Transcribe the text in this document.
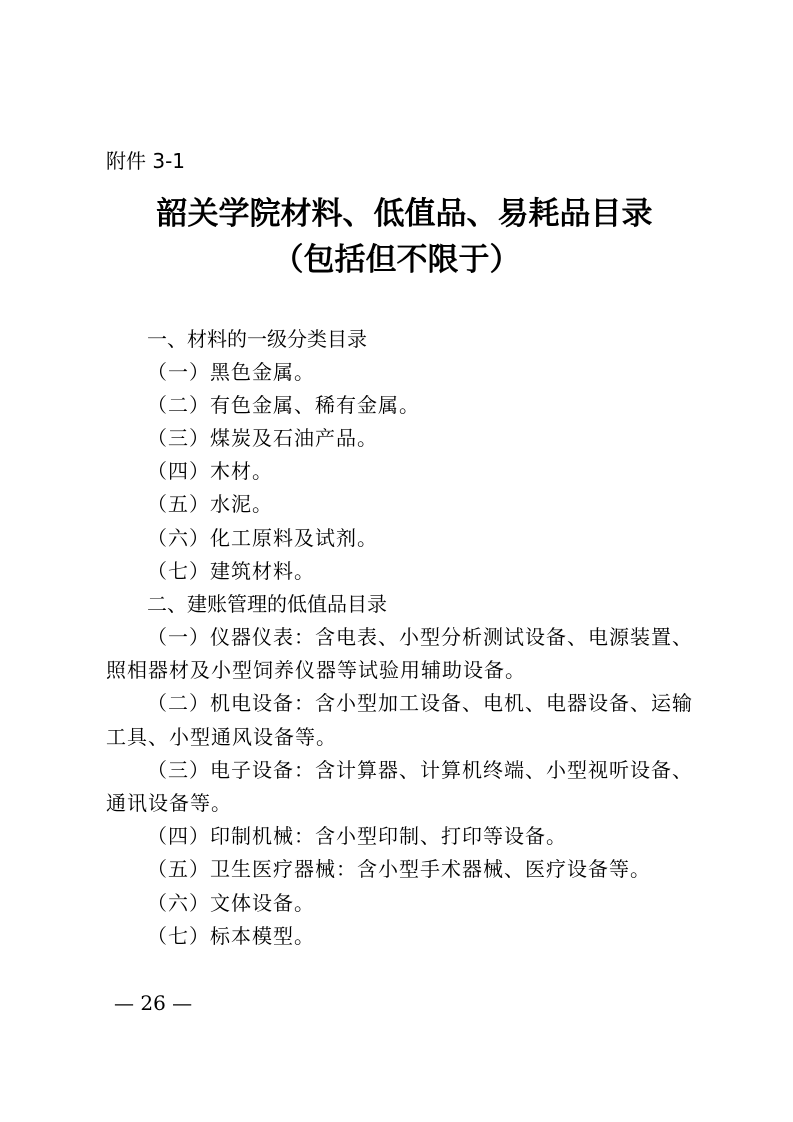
附件 3-1
韶关学院材料、低值品、易耗品目录
（包括但不限于）
一、材料的一级分类目录
（一）黑色金属。
（二）有色金属、稀有金属。
（三）煤炭及石油产品。
（四）木材。
（五）水泥。
（六）化工原料及试剂。
（七）建筑材料。
二、建账管理的低值品目录
（一）仪器仪表：含电表、小型分析测试设备、电源装置、
照相器材及小型饲养仪器等试验用辅助设备。
（二）机电设备：含小型加工设备、电机、电器设备、运输
工具、小型通风设备等。
（三）电子设备：含计算器、计算机终端、小型视听设备、
通讯设备等。
（四）印制机械：含小型印制、打印等设备。
（五）卫生医疗器械：含小型手术器械、医疗设备等。
（六）文体设备。
（七）标本模型。
— 26 —
